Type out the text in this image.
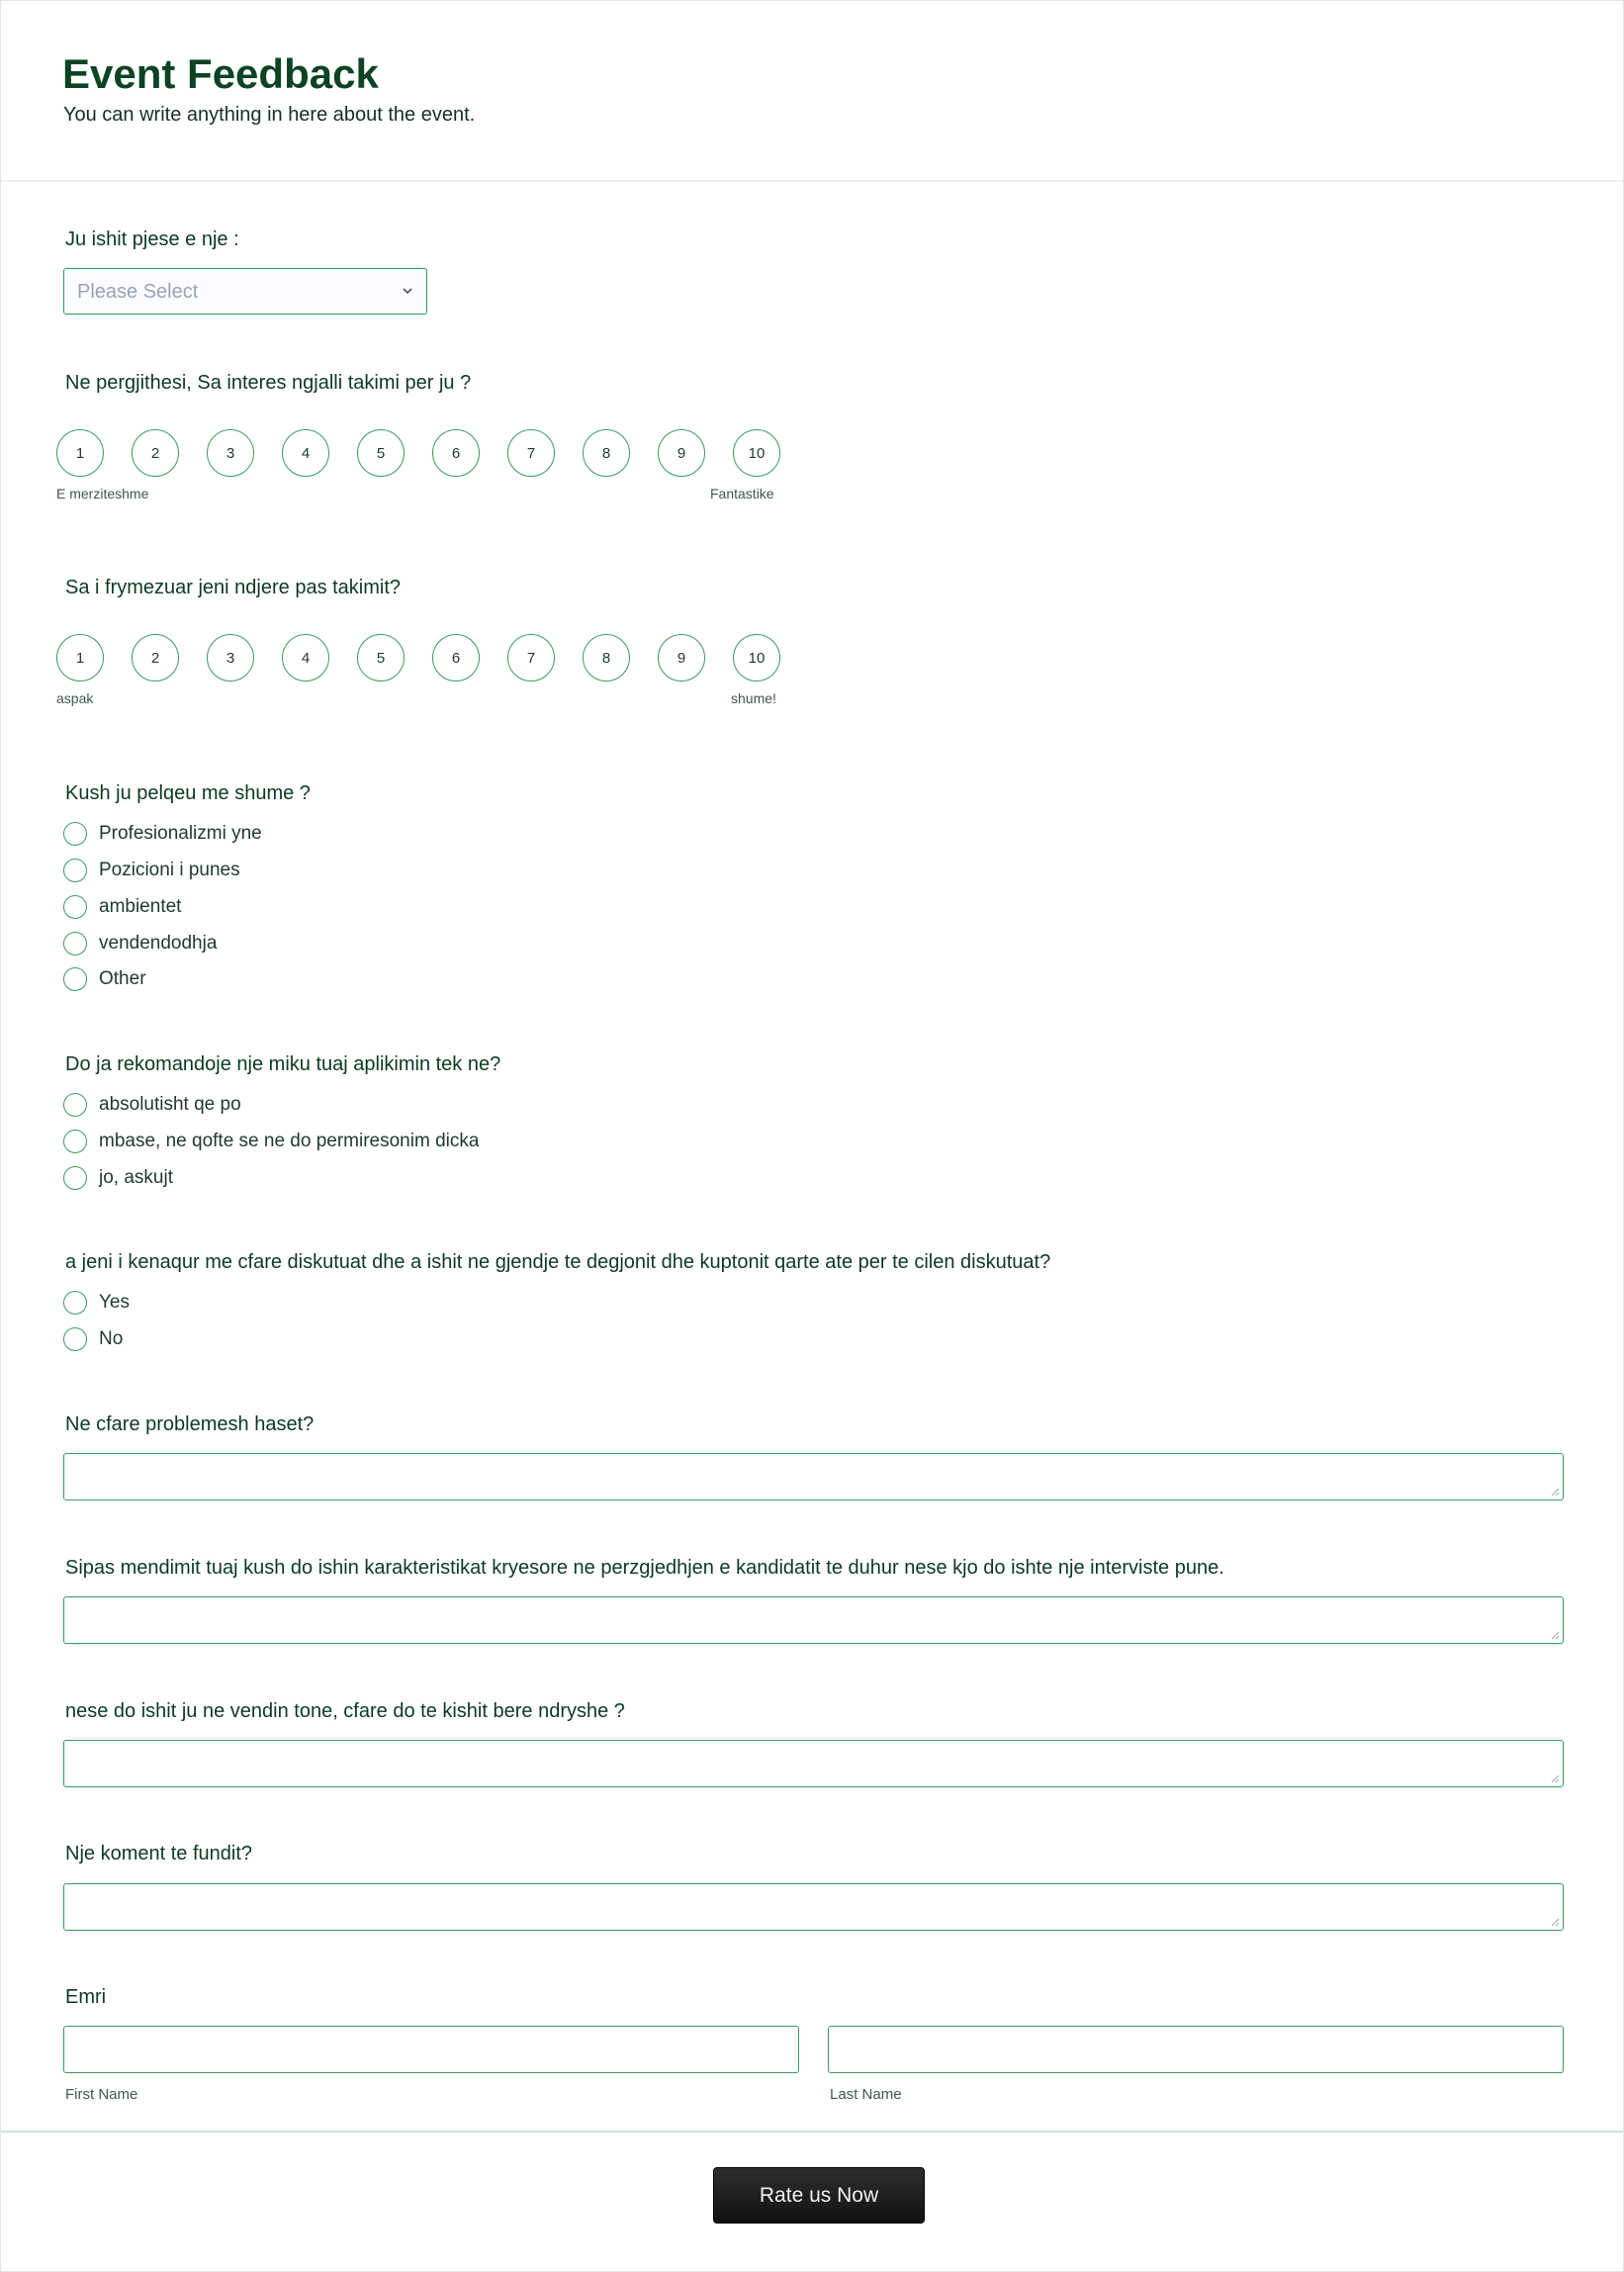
Event Feedback
You can write anything in here about the event.
Ju ishit pjese e nje :
Please Select
Ne pergjithesi, Sa interes ngjalli takimi per ju ?
1	2	3	4	5	6	7	8	9	10
E merziteshme	Fantastike
Sa i frymezuar jeni ndjere pas takimit?
1	2	3	4	5	6	7	8	9	10
aspak	shume!
Kush ju pelqeu me shume ?
Profesionalizmi yne
Pozicioni i punes
ambientet
vendendodhja
Other
Do ja rekomandoje nje miku tuaj aplikimin tek ne?
absolutisht qe po
mbase, ne qofte se ne do permiresonim dicka
jo, askujt
a jeni i kenaqur me cfare diskutuat dhe a ishit ne gjendje te degjonit dhe kuptonit qarte ate per te cilen diskutuat?
Yes
No
Ne cfare problemesh haset?
Sipas mendimit tuaj kush do ishin karakteristikat kryesore ne perzgjedhjen e kandidatit te duhur nese kjo do ishte nje interviste pune.
nese do ishit ju ne vendin tone, cfare do te kishit bere ndryshe ?
Nje koment te fundit?
Emri
First Name	Last Name
Rate us Now
